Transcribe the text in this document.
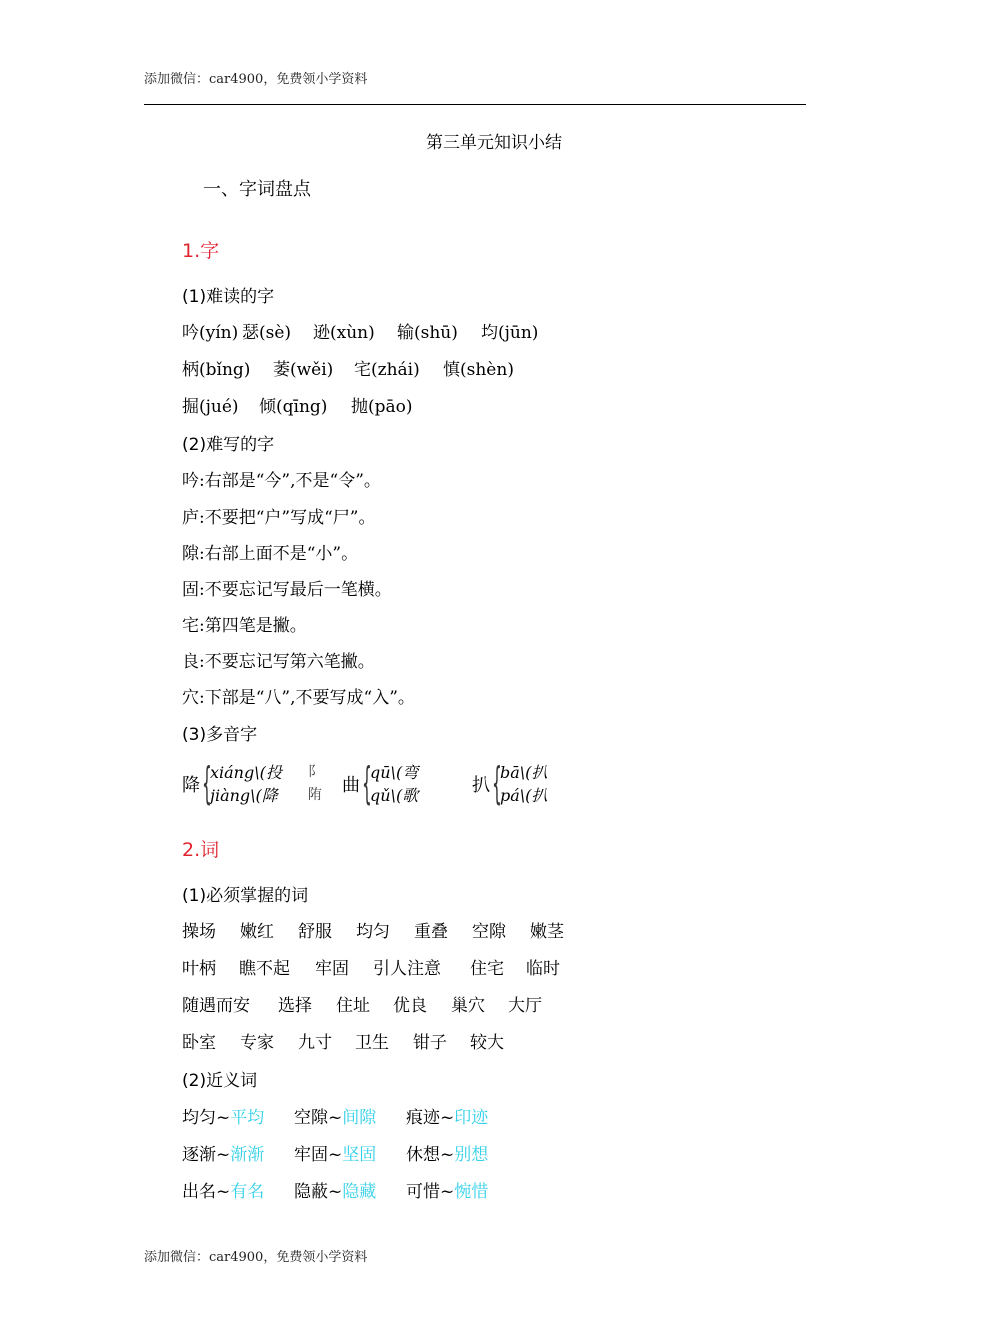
添加微信：car4900，免费领小学资料
第三单元知识小结
一、字词盘点
1.字
(1)难读的字
吟(yín) 瑟(sè) 逊(xùn) 输(shū) 均(jūn)
柄(bǐng) 萎(wěi) 宅(zhái) 慎(shèn)
掘(jué) 倾(qīng) 抛(pāo)
(2)难写的字
吟:右部是“今”,不是“令”。
庐:不要把“户”写成“尸”。
隙:右部上面不是“小”。
固:不要忘记写最后一笔横。
宅:第四笔是撇。
良:不要忘记写第六笔撇。
穴:下部是“八”,不要写成“入”。
(3)多音字
降 {
xiáng\(投
jiàng\(降
阝
陏 曲 {
qū\(弯
qǔ\(歌	扒 {
bā\(扒
pá\(扒
2.词
(1)必须掌握的词
操场 嫩红 舒服 均匀 重叠 空隙 嫩茎
叶柄 瞧不起 牢固 引人注意 住宅 临时
随遇而安 选择 住址 优良 巢穴 大厅
卧室 专家 九寸 卫生 钳子 较大
(2)近义词
均匀~平均 空隙~间隙 痕迹~印迹
逐渐~渐渐 牢固~坚固 休想~别想
出名~有名 隐蔽~隐藏 可惜~惋惜
添加微信：car4900，免费领小学资料
